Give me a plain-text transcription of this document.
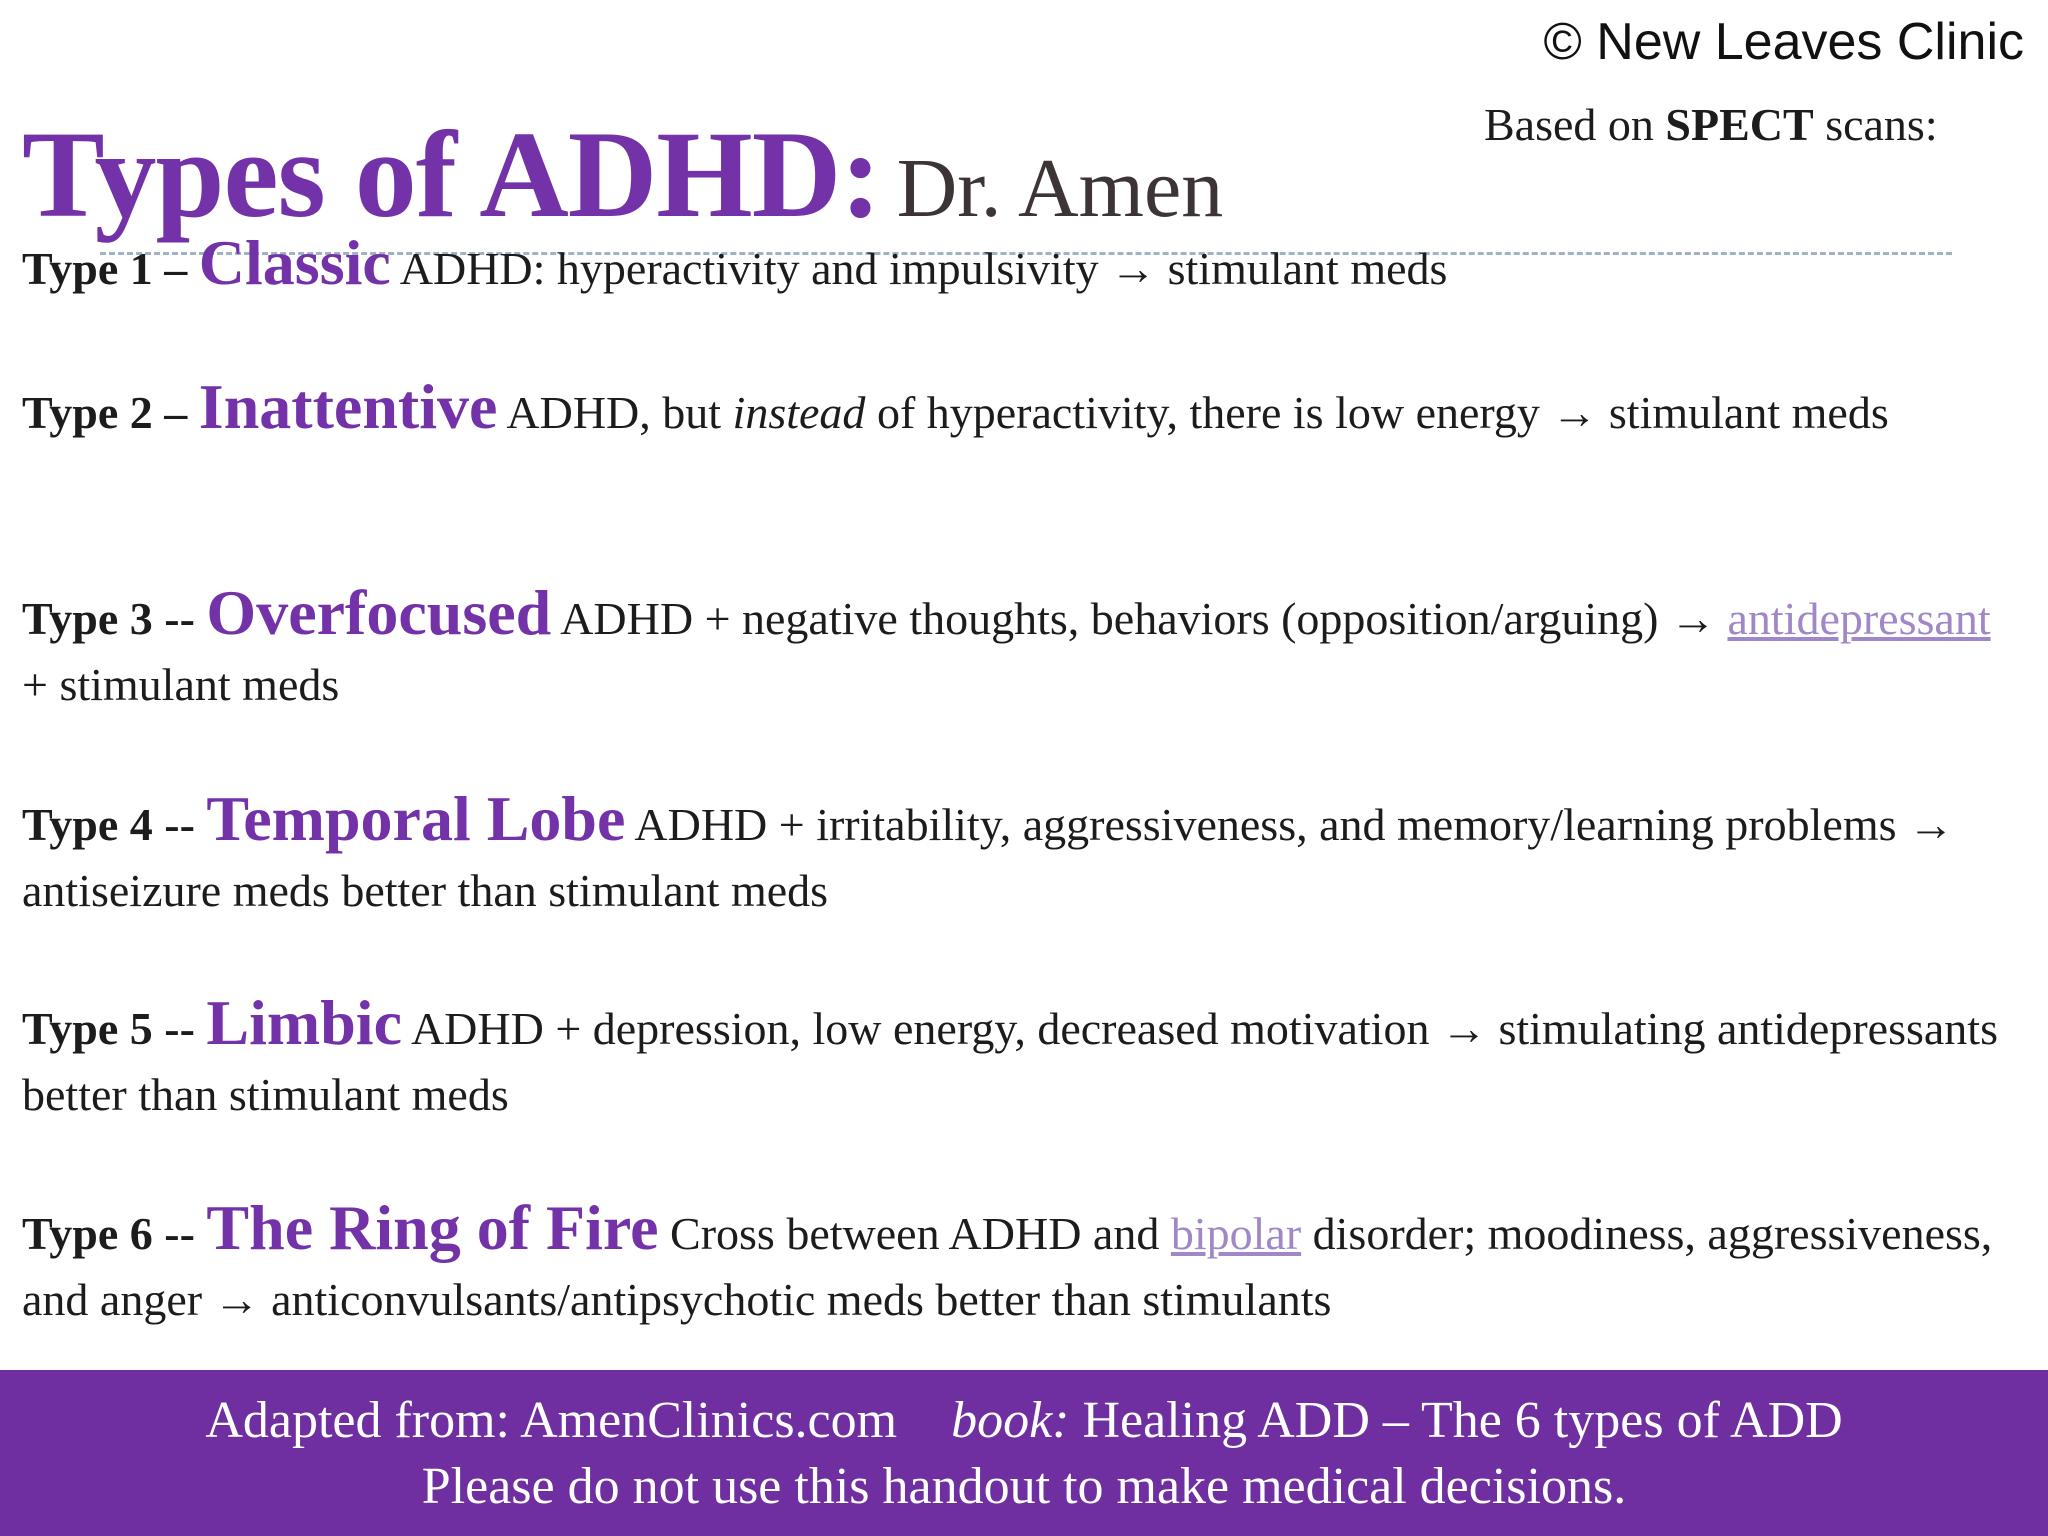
© New Leaves Clinic
Based on SPECT scans:
Types of ADHD: Dr. Amen
Type 1 – Classic ADHD: hyperactivity and impulsivity → stimulant meds
Type 2 – Inattentive ADHD, but instead of hyperactivity, there is low energy → stimulant meds
Type 3 -- Overfocused ADHD + negative thoughts, behaviors (opposition/arguing) → antidepressant + stimulant meds
Type 4 -- Temporal Lobe ADHD + irritability, aggressiveness, and memory/learning problems → antiseizure meds better than stimulant meds
Type 5 -- Limbic ADHD + depression, low energy, decreased motivation → stimulating antidepressants better than stimulant meds
Type 6 -- The Ring of Fire Cross between ADHD and bipolar disorder; moodiness, aggressiveness, and anger → anticonvulsants/antipsychotic meds better than stimulants
Adapted from: AmenClinics.com book: Healing ADD – The 6 types of ADD
Please do not use this handout to make medical decisions.
